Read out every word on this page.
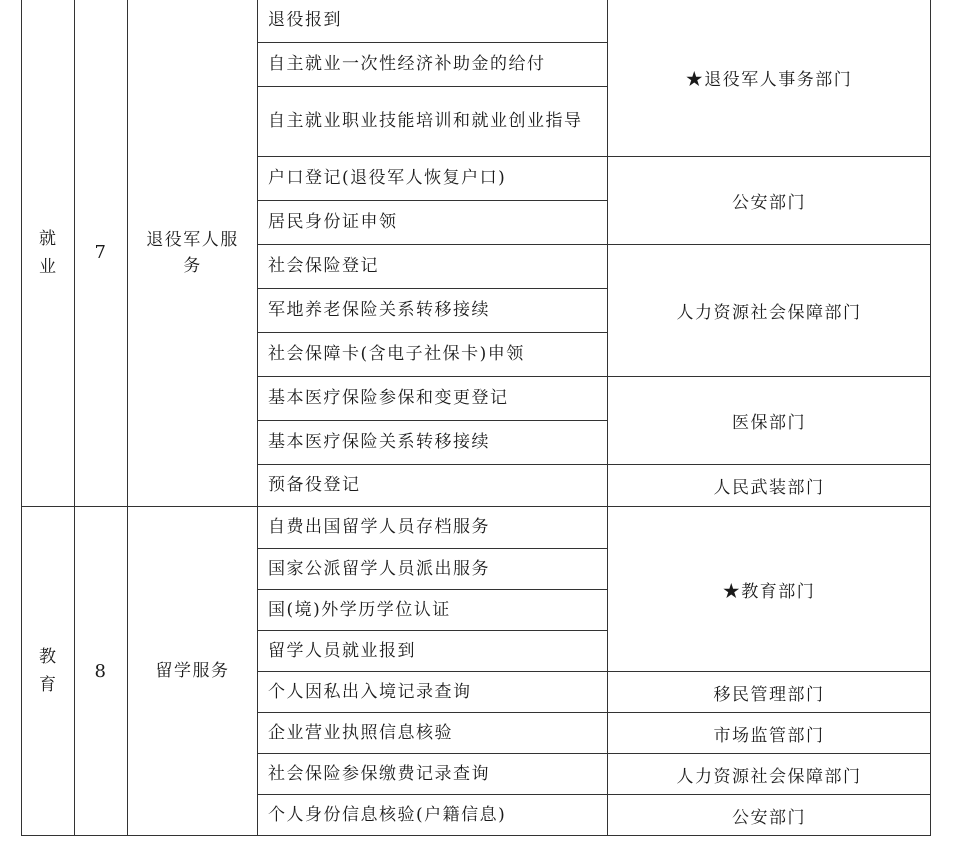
就业	7	退役军人服务	退役报到	★退役军人事务部门
			自主就业一次性经济补助金的给付	
			自主就业职业技能培训和就业创业指导	
			户口登记(退役军人恢复户口)	公安部门
			居民身份证申领	
			社会保险登记	人力资源社会保障部门
			军地养老保险关系转移接续	
			社会保障卡(含电子社保卡)申领	
			基本医疗保险参保和变更登记	医保部门
			基本医疗保险关系转移接续	
			预备役登记	人民武装部门
教育	8	留学服务	自费出国留学人员存档服务	★教育部门
			国家公派留学人员派出服务	
			国(境)外学历学位认证	
			留学人员就业报到	
			个人因私出入境记录查询	移民管理部门
			企业营业执照信息核验	市场监管部门
			社会保险参保缴费记录查询	人力资源社会保障部门
			个人身份信息核验(户籍信息)	公安部门
